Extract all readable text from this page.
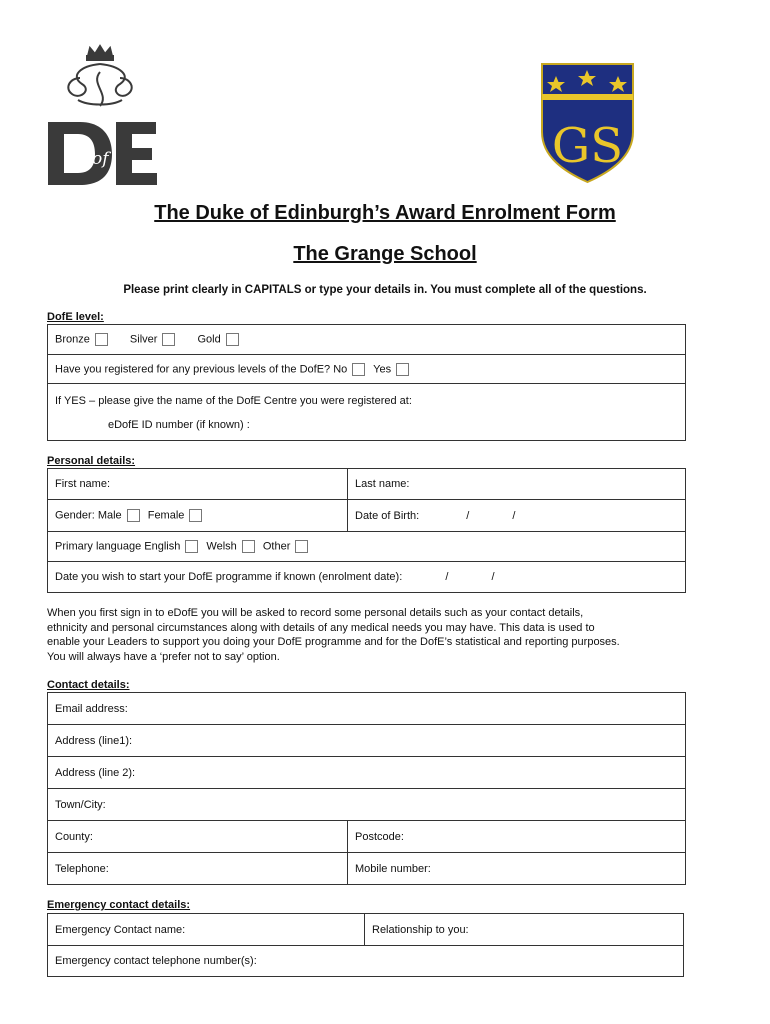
of	GS
The Duke of Edinburgh’s Award Enrolment Form
The Grange School
Please print clearly in CAPITALS or type your details in. You must complete all of the questions.
DofE level:
Bronze	Silver	Gold
Have you registered for any previous levels of the DofE? No Yes

If YES – please give the name of the DofE Centre you were registered at:
eDofE ID number (if known) :
Personal details:
First name:	Last name:
Gender: Male Female	Date of Birth: / /
Primary language English Welsh Other	
Date you wish to start your DofE programme if known (enrolment date): / /	
When you first sign in to eDofE you will be asked to record some personal details such as your contact details,
ethnicity and personal circumstances along with details of any medical needs you may have. This data is used to
enable your Leaders to support you doing your DofE programme and for the DofE’s statistical and reporting purposes.
You will always have a ‘prefer not to say’ option.
Contact details:
Email address:	
Address (line1):	
Address (line 2):	
Town/City:	
County:	Postcode:
Telephone:	Mobile number:
Emergency contact details:
Emergency Contact name:	Relationship to you:
Emergency contact telephone number(s):
